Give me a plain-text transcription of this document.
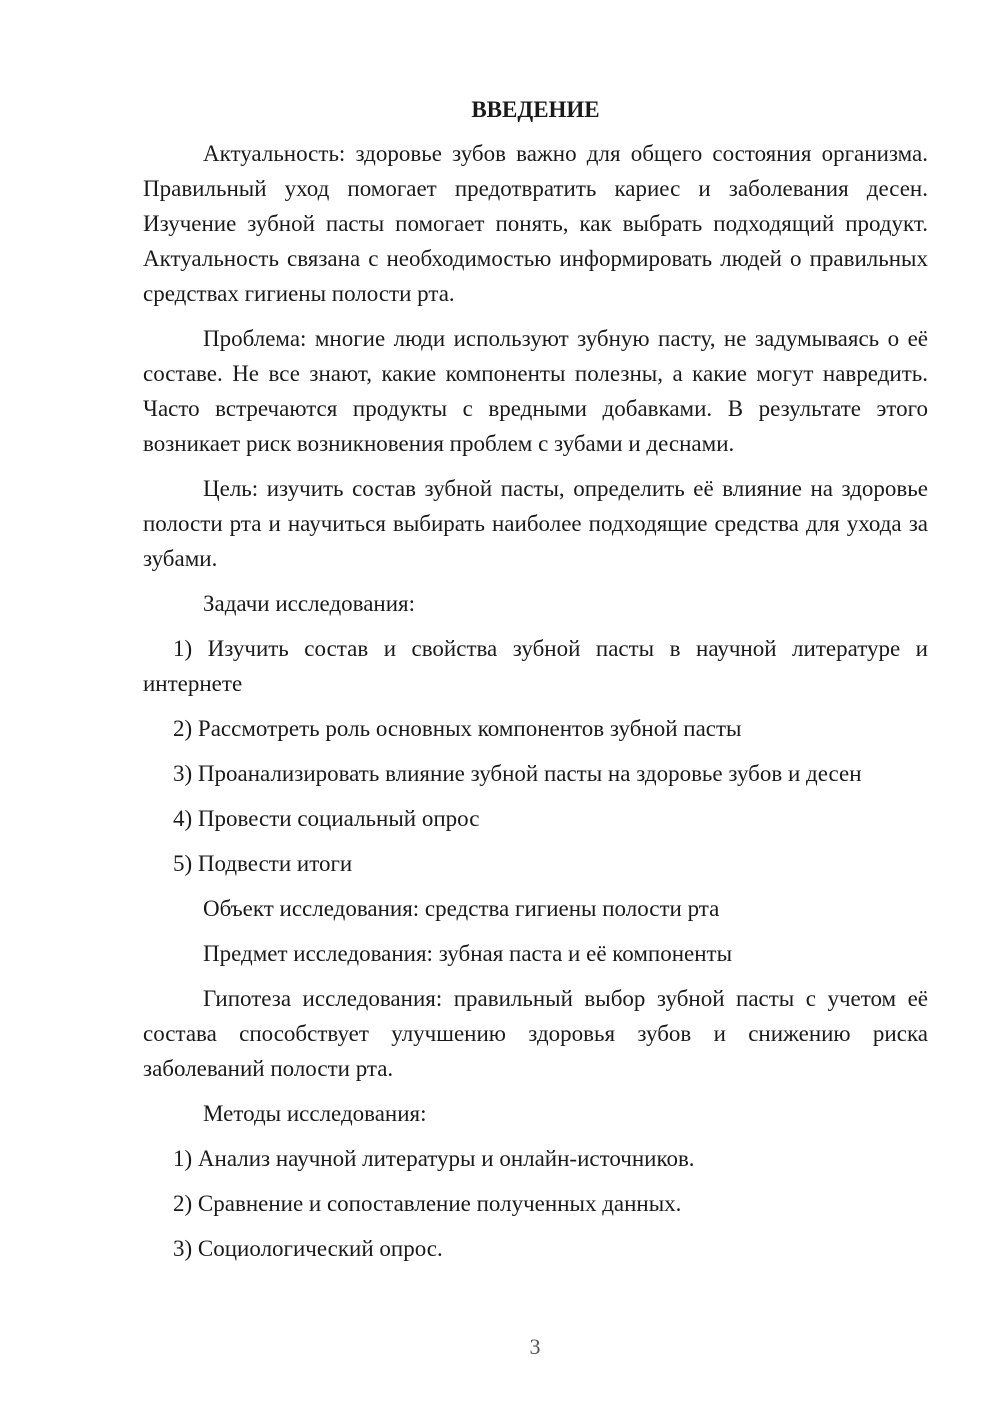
ВВЕДЕНИЕ

Актуальность: здоровье зубов важно для общего состояния организма. Правильный уход помогает предотвратить кариес и заболевания десен. Изучение зубной пасты помогает понять, как выбрать подходящий продукт. Актуальность связана с необходимостью информировать людей о правильных средствах гигиены полости рта.

Проблема: многие люди используют зубную пасту, не задумываясь о её составе. Не все знают, какие компоненты полезны, а какие могут навредить. Часто встречаются продукты с вредными добавками. В результате этого возникает риск возникновения проблем с зубами и деснами.

Цель: изучить состав зубной пасты, определить её влияние на здоровье полости рта и научиться выбирать наиболее подходящие средства для ухода за зубами.

Задачи исследования:

1) Изучить состав и свойства зубной пасты в научной литературе и интернете

2) Рассмотреть роль основных компонентов зубной пасты
3) Проанализировать влияние зубной пасты на здоровье зубов и десен
4) Провести социальный опрос
5) Подвести итоги
Объект исследования: средства гигиены полости рта
Предмет исследования: зубная паста и её компоненты

Гипотеза исследования: правильный выбор зубной пасты с учетом её состава способствует улучшению здоровья зубов и снижению риска заболеваний полости рта.

Методы исследования:
1) Анализ научной литературы и онлайн-источников.
2) Сравнение и сопоставление полученных данных.
3) Социологический опрос.
3
